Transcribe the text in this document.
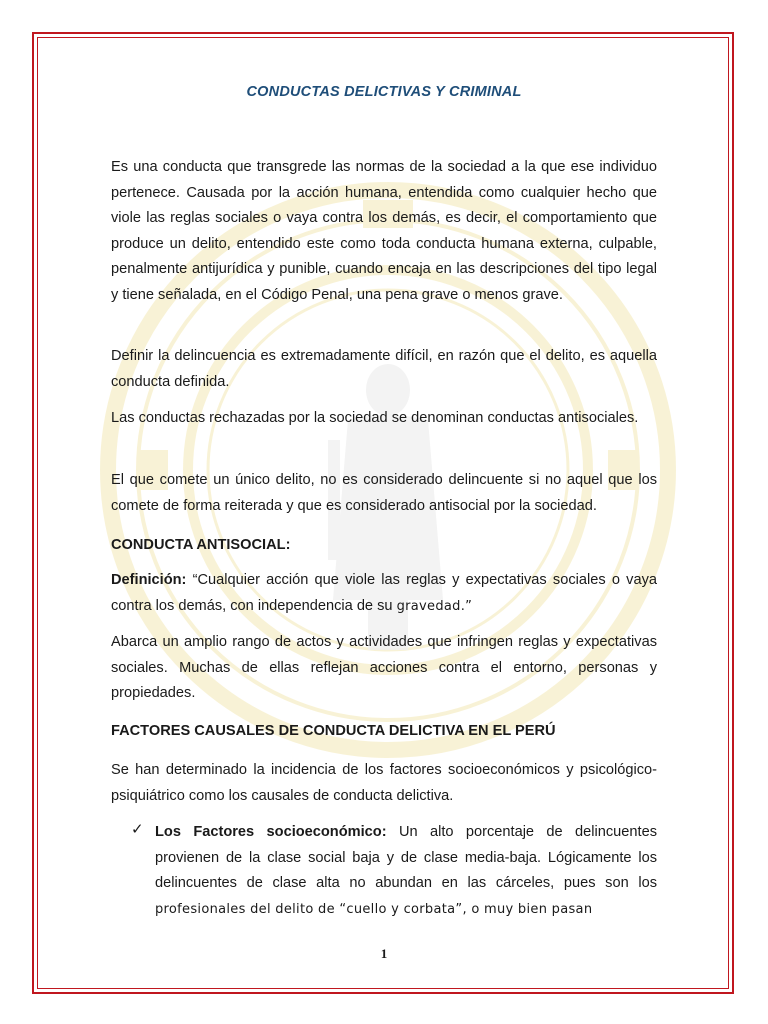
CONDUCTAS DELICTIVAS Y CRIMINAL

Es una conducta que transgrede las normas de la sociedad a la que ese individuo pertenece. Causada por la acción humana, entendida como cualquier hecho que viole las reglas sociales o vaya contra los demás, es decir, el comportamiento que produce un delito, entendido este como toda conducta humana externa, culpable, penalmente antijurídica y punible, cuando encaja en las descripciones del tipo legal y tiene señalada, en el Código Penal, una pena grave o menos grave.

Definir la delincuencia es extremadamente difícil, en razón que el delito, es aquella conducta definida.

Las conductas rechazadas por la sociedad se denominan conductas antisociales.

El que comete un único delito, no es considerado delincuente si no aquel que los comete de forma reiterada y que es considerado antisocial por la sociedad.

CONDUCTA ANTISOCIAL:

Definición: “Cualquier acción que viole las reglas y expectativas sociales o vaya contra los demás, con independencia de su gravedad.”

Abarca un amplio rango de actos y actividades que infringen reglas y expectativas sociales. Muchas de ellas reflejan acciones contra el entorno, personas y propiedades.

FACTORES CAUSALES DE CONDUCTA DELICTIVA EN EL PERÚ

Se han determinado la incidencia de los factores socioeconómicos y psicológico-psiquiátrico como los causales de conducta delictiva.

✓ Los Factores socioeconómico: Un alto porcentaje de delincuentes provienen de la clase social baja y de clase media-baja. Lógicamente los delincuentes de clase alta no abundan en las cárceles, pues son los profesionales del delito de “cuello y corbata”, o muy bien pasan

1
